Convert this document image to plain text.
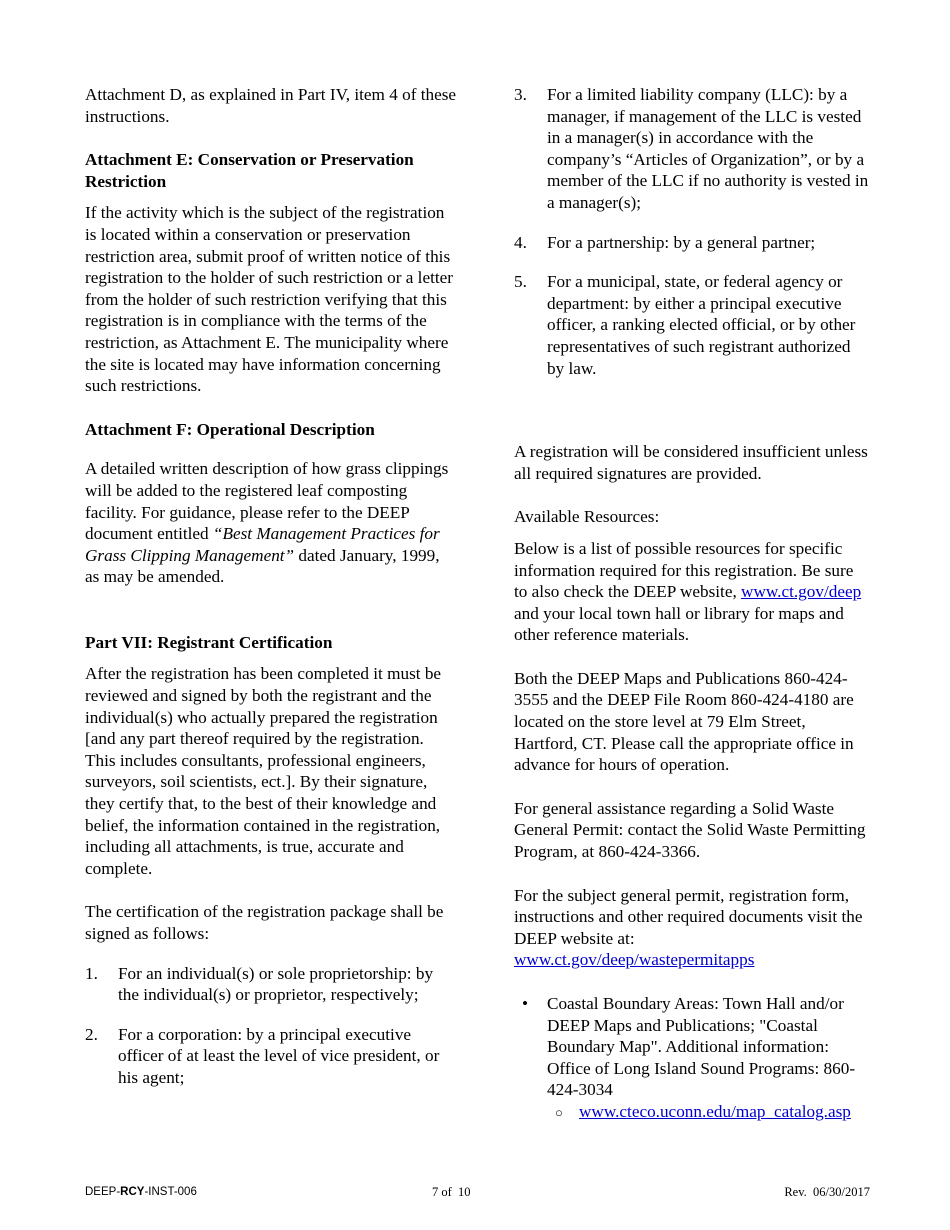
Attachment D, as explained in Part IV, item 4 of these instructions.

Attachment E: Conservation or Preservation Restriction

If the activity which is the subject of the registration is located within a conservation or preservation restriction area, submit proof of written notice of this registration to the holder of such restriction or a letter from the holder of such restriction verifying that this registration is in compliance with the terms of the restriction, as Attachment E. The municipality where the site is located may have information concerning such restrictions.

Attachment F: Operational Description

A detailed written description of how grass clippings will be added to the registered leaf composting facility. For guidance, please refer to the DEEP document entitled “Best Management Practices for Grass Clipping Management” dated January, 1999, as may be amended.

Part VII: Registrant Certification

After the registration has been completed it must be reviewed and signed by both the registrant and the individual(s) who actually prepared the registration [and any part thereof required by the registration. This includes consultants, professional engineers, surveyors, soil scientists, ect.]. By their signature, they certify that, to the best of their knowledge and belief, the information contained in the registration, including all attachments, is true, accurate and complete.

The certification of the registration package shall be signed as follows:

1.	For an individual(s) or sole proprietorship: by the individual(s) or proprietor, respectively;
2.	For a corporation: by a principal executive officer of at least the level of vice president, or his agent;
3.	For a limited liability company (LLC): by a manager, if management of the LLC is vested in a manager(s) in accordance with the company’s “Articles of Organization”, or by a member of the LLC if no authority is vested in a manager(s);
4.	For a partnership: by a general partner;
5.	For a municipal, state, or federal agency or department: by either a principal executive officer, a ranking elected official, or by other representatives of such registrant authorized by law.

A registration will be considered insufficient unless all required signatures are provided.

Available Resources:

Below is a list of possible resources for specific information required for this registration. Be sure to also check the DEEP website, www.ct.gov/deep and your local town hall or library for maps and other reference materials.

Both the DEEP Maps and Publications 860-424-3555 and the DEEP File Room 860-424-4180 are located on the store level at 79 Elm Street, Hartford, CT. Please call the appropriate office in advance for hours of operation.

For general assistance regarding a Solid Waste General Permit: contact the Solid Waste Permitting Program, at 860-424-3366.

For the subject general permit, registration form, instructions and other required documents visit the DEEP website at: www.ct.gov/deep/wastepermitapps

• Coastal Boundary Areas: Town Hall and/or DEEP Maps and Publications; "Coastal Boundary Map". Additional information: Office of Long Island Sound Programs: 860-424-3034
○ www.cteco.uconn.edu/map_catalog.asp
DEEP-RCY-INST-006	7 of  10	Rev.  06/30/2017
